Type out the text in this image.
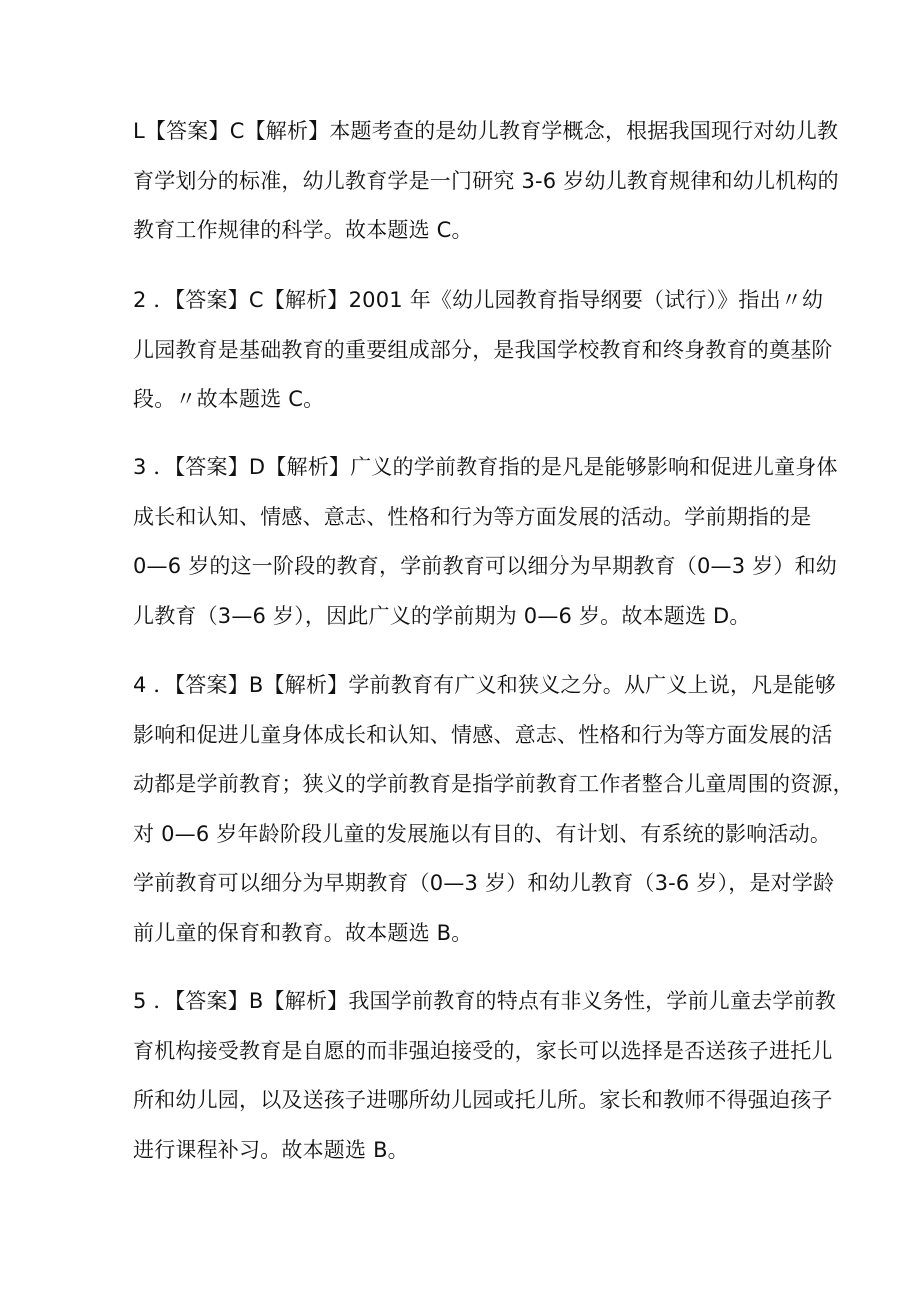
L【答案】C【解析】本题考查的是幼儿教育学概念，根据我国现行对幼儿教
育学划分的标准，幼儿教育学是一门研究 3-6 岁幼儿教育规律和幼儿机构的
教育工作规律的科学。故本题选 C。
2 ．【答案】C【解析】2001 年《幼儿园教育指导纲要（试行）》指出〃幼
儿园教育是基础教育的重要组成部分，是我国学校教育和终身教育的奠基阶
段。〃故本题选 C。
3 ．【答案】D【解析】广义的学前教育指的是凡是能够影响和促进儿童身体
成长和认知、情感、意志、性格和行为等方面发展的活动。学前期指的是
0—6 岁的这一阶段的教育，学前教育可以细分为早期教育（0—3 岁）和幼
儿教育（3—6 岁），因此广义的学前期为 0—6 岁。故本题选 D。
4 ．【答案】B【解析】学前教育有广义和狭义之分。从广义上说，凡是能够
影响和促进儿童身体成长和认知、情感、意志、性格和行为等方面发展的活
动都是学前教育；狭义的学前教育是指学前教育工作者整合儿童周围的资源，
对 0—6 岁年龄阶段儿童的发展施以有目的、有计划、有系统的影响活动。
学前教育可以细分为早期教育（0—3 岁）和幼儿教育（3-6 岁），是对学龄
前儿童的保育和教育。故本题选 B。
5 ．【答案】B【解析】我国学前教育的特点有非义务性，学前儿童去学前教
育机构接受教育是自愿的而非强迫接受的，家长可以选择是否送孩子进托儿
所和幼儿园，以及送孩子进哪所幼儿园或托儿所。家长和教师不得强迫孩子
进行课程补习。故本题选 B。
